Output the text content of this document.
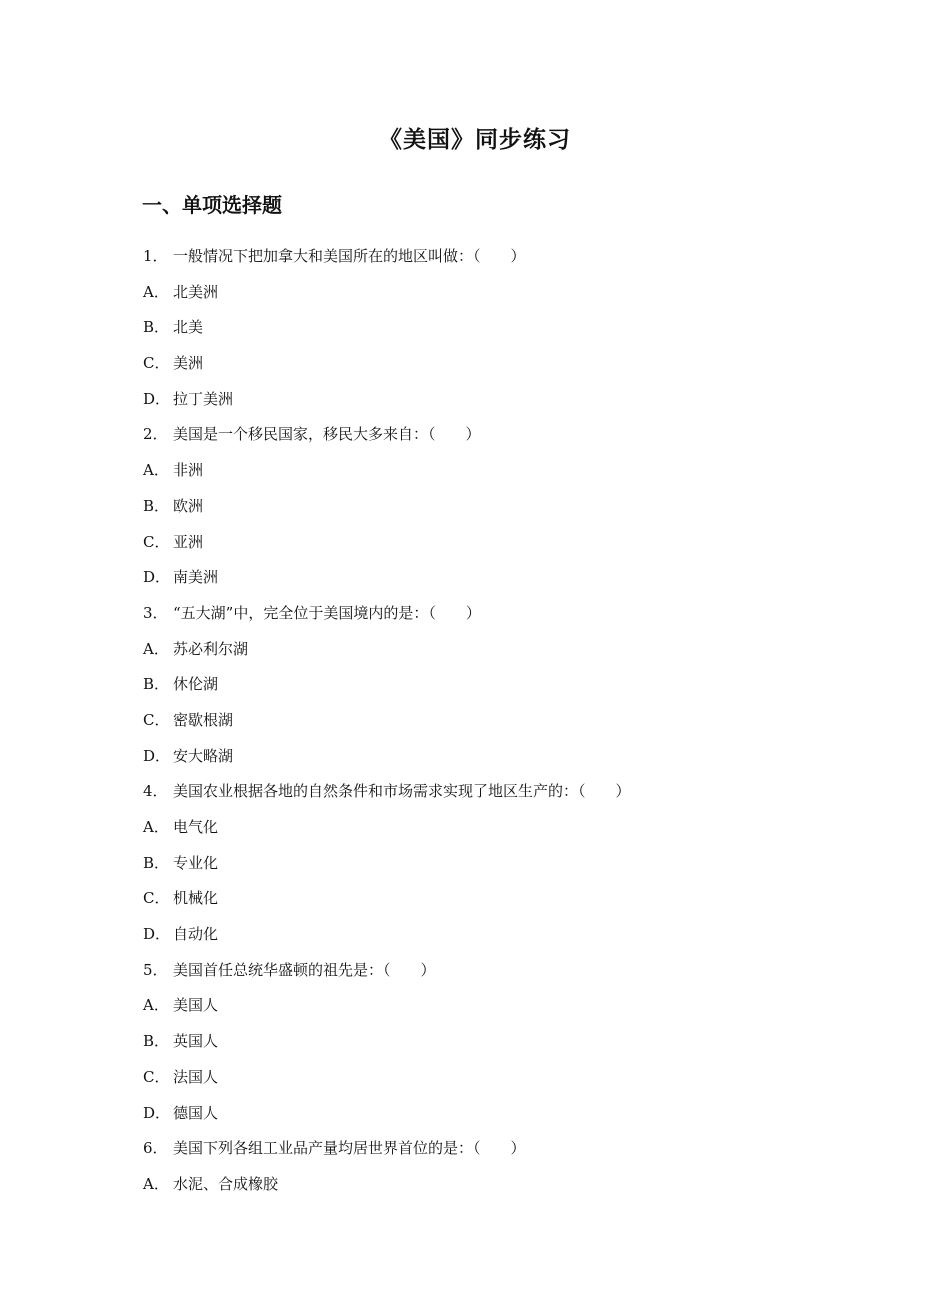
《美国》同步练习
一、单项选择题
1． 一般情况下把加拿大和美国所在的地区叫做：（　　）
A． 北美洲
B． 北美
C． 美洲
D． 拉丁美洲
2． 美国是一个移民国家，移民大多来自：（　　）
A． 非洲
B． 欧洲
C． 亚洲
D． 南美洲
3． “五大湖”中，完全位于美国境内的是：（　　）
A． 苏必利尔湖
B． 休伦湖
C． 密歇根湖
D． 安大略湖
4． 美国农业根据各地的自然条件和市场需求实现了地区生产的：（　　）
A． 电气化
B． 专业化
C． 机械化
D． 自动化
5． 美国首任总统华盛顿的祖先是：（　　）
A． 美国人
B． 英国人
C． 法国人
D． 德国人
6． 美国下列各组工业品产量均居世界首位的是：（　　）
A． 水泥、合成橡胶
